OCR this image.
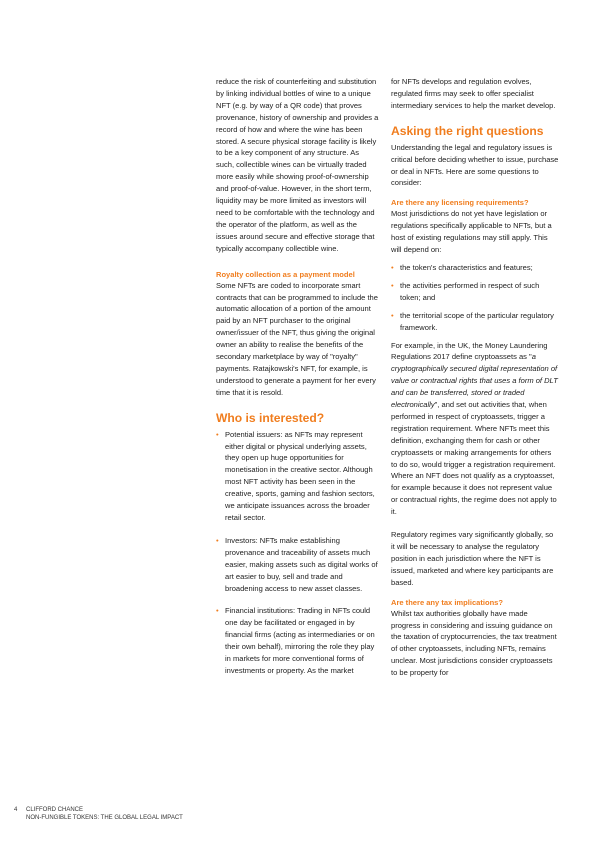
reduce the risk of counterfeiting and substitution by linking individual bottles of wine to a unique NFT (e.g. by way of a QR code) that proves provenance, history of ownership and provides a record of how and where the wine has been stored. A secure physical storage facility is likely to be a key component of any structure. As such, collectible wines can be virtually traded more easily while showing proof-of-ownership and proof-of-value. However, in the short term, liquidity may be more limited as investors will need to be comfortable with the technology and the operator of the platform, as well as the issues around secure and effective storage that typically accompany collectible wine.

Royalty collection as a payment model

Some NFTs are coded to incorporate smart contracts that can be programmed to include the automatic allocation of a portion of the amount paid by an NFT purchaser to the original owner/issuer of the NFT, thus giving the original owner an ability to realise the benefits of the secondary marketplace by way of "royalty" payments. Ratajkowski's NFT, for example, is understood to generate a payment for her every time that it is resold.

Who is interested?
• Potential issuers: as NFTs may represent either digital or physical underlying assets, they open up huge opportunities for monetisation in the creative sector. Although most NFT activity has been seen in the creative, sports, gaming and fashion sectors, we anticipate issuances across the broader retail sector.
• Investors: NFTs make establishing provenance and traceability of assets much easier, making assets such as digital works of art easier to buy, sell and trade and broadening access to new asset classes.
• Financial institutions: Trading in NFTs could one day be facilitated or engaged in by financial firms (acting as intermediaries or on their own behalf), mirroring the role they play in markets for more conventional forms of investments or property. As the market

for NFTs develops and regulation evolves, regulated firms may seek to offer specialist intermediary services to help the market develop.

Asking the right questions

Understanding the legal and regulatory issues is critical before deciding whether to issue, purchase or deal in NFTs. Here are some questions to consider:

Are there any licensing requirements?

Most jurisdictions do not yet have legislation or regulations specifically applicable to NFTs, but a host of existing regulations may still apply. This will depend on:

• the token's characteristics and features;
• the activities performed in respect of such token; and
• the territorial scope of the particular regulatory framework.

For example, in the UK, the Money Laundering Regulations 2017 define cryptoassets as "a cryptographically secured digital representation of value or contractual rights that uses a form of DLT and can be transferred, stored or traded electronically", and set out activities that, when performed in respect of cryptoassets, trigger a registration requirement. Where NFTs meet this definition, exchanging them for cash or other cryptoassets or making arrangements for others to do so, would trigger a registration requirement. Where an NFT does not qualify as a cryptoasset, for example because it does not represent value or contractual rights, the regime does not apply to it.

Regulatory regimes vary significantly globally, so it will be necessary to analyse the regulatory position in each jurisdiction where the NFT is issued, marketed and where key participants are based.

Are there any tax implications?

Whilst tax authorities globally have made progress in considering and issuing guidance on the taxation of cryptocurrencies, the tax treatment of other cryptoassets, including NFTs, remains unclear. Most jurisdictions consider cryptoassets to be property for

4 CLIFFORD CHANCE
NON-FUNGIBLE TOKENS: THE GLOBAL LEGAL IMPACT
